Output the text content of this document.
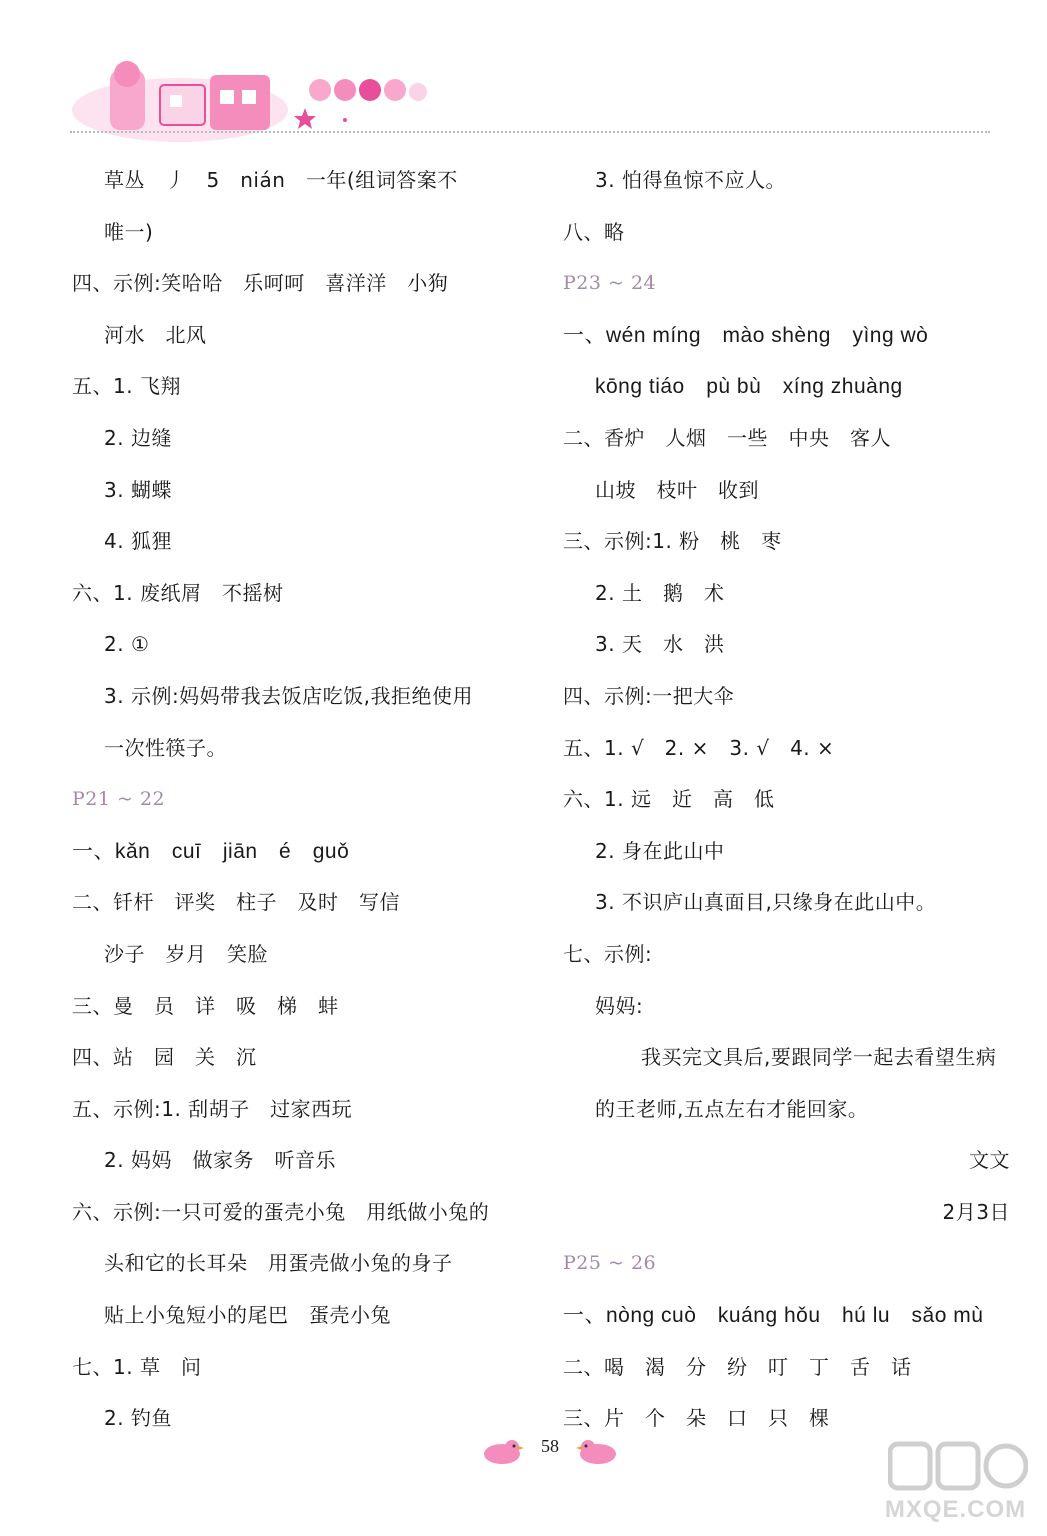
草丛　丿　5　nián　一年(组词答案不
唯一)
四、示例:笑哈哈　乐呵呵　喜洋洋　小狗
河水　北风
五、1. 飞翔
2. 边缝
3. 蝴蝶
4. 狐狸
六、1. 废纸屑　不摇树
2. ①
3. 示例:妈妈带我去饭店吃饭,我拒绝使用
一次性筷子。
P21 ~ 22
一、kǎn　cuī　jiān　é　guǒ
二、钎杆　评奖　柱子　及时　写信
沙子　岁月　笑脸
三、曼　员　详　吸　梯　蚌
四、站　园　关　沉
五、示例:1. 刮胡子　过家西玩
2. 妈妈　做家务　听音乐
六、示例:一只可爱的蛋壳小兔　用纸做小兔的
头和它的长耳朵　用蛋壳做小兔的身子
贴上小兔短小的尾巴　蛋壳小兔
七、1. 草　问
2. 钓鱼
3. 怕得鱼惊不应人。
八、略
P23 ~ 24
一、wén míng　mào shèng　yìng wò
kōng tiáo　pù bù　xíng zhuàng
二、香炉　人烟　一些　中央　客人
山坡　枝叶　收到
三、示例:1. 粉　桃　枣
2. 土　鹅　术
3. 天　水　洪
四、示例:一把大伞
五、1. √　2. ×　3. √　4. ×
六、1. 远　近　高　低
2. 身在此山中
3. 不识庐山真面目,只缘身在此山中。
七、示例:
妈妈:
我买完文具后,要跟同学一起去看望生病
的王老师,五点左右才能回家。
文文
2月3日
P25 ~ 26
一、nòng cuò　kuáng hǒu　hú lu　sǎo mù
二、喝　渴　分　纷　叮　丁　舌　话
三、片　个　朵　口　只　棵
58
MXQE.COM
